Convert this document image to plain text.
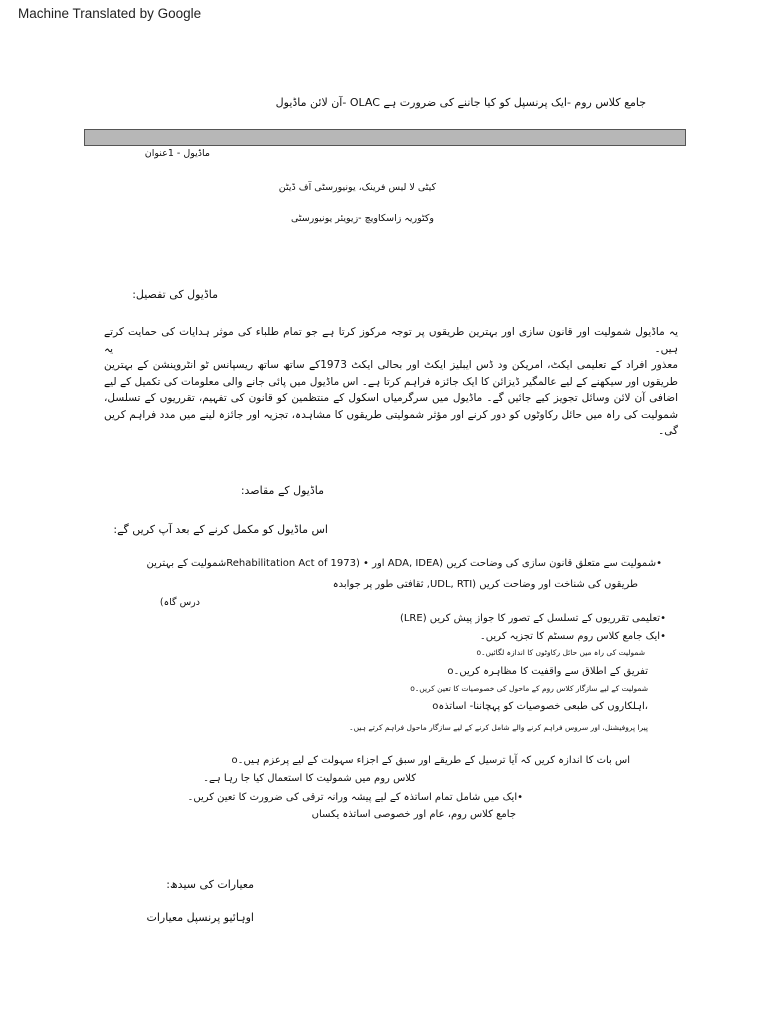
Machine Translated by Google
جامع کلاس روم -ایک پرنسپل کو کیا جاننے کی ضرورت ہے OLAC -آن لائن ماڈیول
ماڈیول - 1عنوان
کیٹی لا لیس فرینک، یونیورسٹی آف ڈیٹن
وکٹوریہ زاسکاویچ -زیویئر یونیورسٹی
ماڈیول کی تفصیل:
یہ ماڈیول شمولیت اور قانون سازی اور بہترین طریقوں پر توجہ مرکوز کرتا ہے جو تمام طلباء کی موثر ہدایات کی حمایت کرتے ہیں۔ یہ
معذور افراد کے تعلیمی ایکٹ، امریکن ود ڈس ایبلیز ایکٹ اور بحالی ایکٹ 1973کے ساتھ ساتھ ریسپانس ٹو انٹروینشن کے بہترین
طریقوں اور سیکھنے کے لیے عالمگیر ڈیزائن کا ایک جائزہ فراہم کرتا ہے۔ اس ماڈیول میں پائی جانے والی معلومات کی تکمیل کے لیے
اضافی آن لائن وسائل تجویز کیے جائیں گے۔ ماڈیول میں سرگرمیاں اسکول کے منتظمین کو قانون کی تفہیم، تقرریوں کے تسلسل،
شمولیت کی راہ میں حائل رکاوٹوں کو دور کرنے اور مؤثر شمولیتی طریقوں کا مشاہدہ، تجزیہ اور جائزہ لینے میں مدد فراہم کریں گی۔
ماڈیول کے مقاصد:
اس ماڈیول کو مکمل کرنے کے بعد آپ کریں گے:
•شمولیت سے متعلق قانون سازی کی وضاحت کریں (ADA, IDEA اور • (Rehabilitation Act of 1973شمولیت کے بہترین
طریقوں کی شناخت اور وضاحت کریں (UDL, RTI, ثقافتی طور پر جوابدہ
درس گاہ)
•تعلیمی تقرریوں کے تسلسل کے تصور کا جواز پیش کریں (LRE)
•ایک جامع کلاس روم سسٹم کا تجزیہ کریں۔
oشمولیت کی راہ میں حائل رکاوٹوں کا اندازہ لگائیں۔
oتفریق کے اطلاق سے واقفیت کا مظاہرہ کریں۔
oشمولیت کے لیے سازگار کلاس روم کے ماحول کی خصوصیات کا تعین کریں۔
oاہلکاروں کی طبعی خصوصیات کو پہچاننا- اساتذہ،
پیرا پروفیشنل، اور سروس فراہم کرنے والے شامل کرنے کے لیے سازگار ماحول فراہم کرتے ہیں۔
oاس بات کا اندازہ کریں کہ آیا ترسیل کے طریقے اور سبق کے اجزاء سہولت کے لیے پرعزم ہیں۔
کلاس روم میں شمولیت کا استعمال کیا جا رہا ہے۔
•ایک میں شامل تمام اساتذہ کے لیے پیشہ ورانہ ترقی کی ضرورت کا تعین کریں۔
جامع کلاس روم، عام اور خصوصی اساتذہ یکساں
معیارات کی سیدھ:
اوہائیو پرنسپل معیارات
